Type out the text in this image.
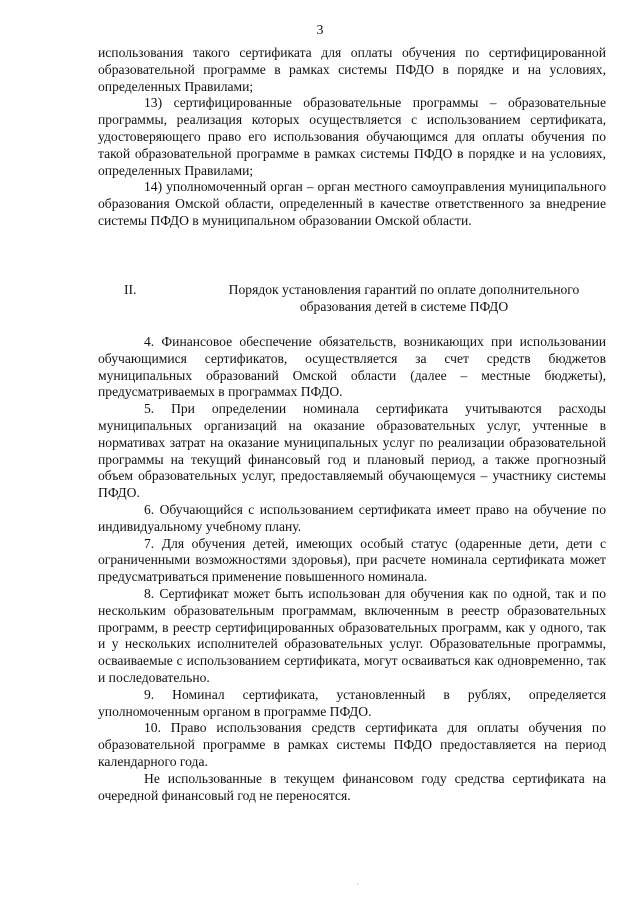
3

использования такого сертификата для оплаты обучения по сертифицированной образовательной программе в рамках системы ПФДО в порядке и на условиях, определенных Правилами;

13) сертифицированные образовательные программы – образовательные программы, реализация которых осуществляется с использованием сертификата, удостоверяющего право его использования обучающимся для оплаты обучения по такой образовательной программе в рамках системы ПФДО в порядке и на условиях, определенных Правилами;

14) уполномоченный орган – орган местного самоуправления муниципального образования Омской области, определенный в качестве ответственного за внедрение системы ПФДО в муниципальном образовании Омской области.

II.	Порядок установления гарантий по оплате дополнительного образования детей в системе ПФДО

4. Финансовое обеспечение обязательств, возникающих при использовании обучающимися сертификатов, осуществляется за счет средств бюджетов муниципальных образований Омской области (далее – местные бюджеты), предусматриваемых в программах ПФДО.

5. При определении номинала сертификата учитываются расходы муниципальных организаций на оказание образовательных услуг, учтенные в нормативах затрат на оказание муниципальных услуг по реализации образовательной программы на текущий финансовый год и плановый период, а также прогнозный объем образовательных услуг, предоставляемый обучающемуся – участнику системы ПФДО.

6. Обучающийся с использованием сертификата имеет право на обучение по индивидуальному учебному плану.

7. Для обучения детей, имеющих особый статус (одаренные дети, дети с ограниченными возможностями здоровья), при расчете номинала сертификата может предусматриваться применение повышенного номинала.

8. Сертификат может быть использован для обучения как по одной, так и по нескольким образовательным программам, включенным в реестр образовательных программ, в реестр сертифицированных образовательных программ, как у одного, так и у нескольких исполнителей образовательных услуг. Образовательные программы, осваиваемые с использованием сертификата, могут осваиваться как одновременно, так и последовательно.

9. Номинал сертификата, установленный в рублях, определяется уполномоченным органом в программе ПФДО.

10. Право использования средств сертификата для оплаты обучения по образовательной программе в рамках системы ПФДО предоставляется на период календарного года.

Не использованные в текущем финансовом году средства сертификата на очередной финансовый год не переносятся.

·
